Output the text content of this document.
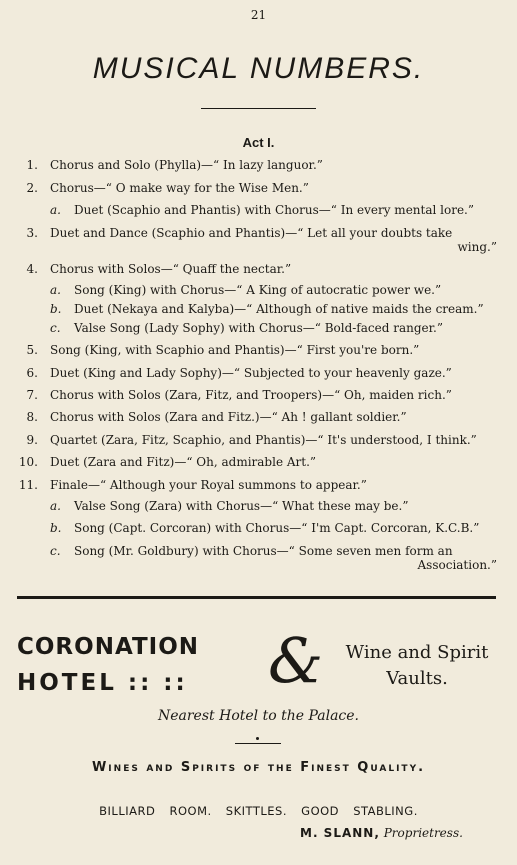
21
MUSICAL NUMBERS.
Act I.
1. Chorus and Solo (Phylla)—“ In lazy languor.”
2. Chorus—“ O make way for the Wise Men.”
a. Duet (Scaphio and Phantis) with Chorus—“ In every mental lore.”
3. Duet and Dance (Scaphio and Phantis)—“ Let all your doubts take
wing.”
4. Chorus with Solos—“ Quaff the nectar.”
a. Song (King) with Chorus—“ A King of autocratic power we.”
b. Duet (Nekaya and Kalyba)—“ Although of native maids the cream.”
c. Valse Song (Lady Sophy) with Chorus—“ Bold-faced ranger.”
5. Song (King, with Scaphio and Phantis)—“ First you're born.”
6. Duet (King and Lady Sophy)—“ Subjected to your heavenly gaze.”
7. Chorus with Solos (Zara, Fitz, and Troopers)—“ Oh, maiden rich.”
8. Chorus with Solos (Zara and Fitz.)—“ Ah ! gallant soldier.”
9. Quartet (Zara, Fitz, Scaphio, and Phantis)—“ It's understood, I think.”
10. Duet (Zara and Fitz)—“ Oh, admirable Art.”
11. Finale—“ Although your Royal summons to appear.”
a. Valse Song (Zara) with Chorus—“ What these may be.”
b. Song (Capt. Corcoran) with Chorus—“ I'm Capt. Corcoran, K.C.B.”
c. Song (Mr. Goldbury) with Chorus—“ Some seven men form an
Association.”
CORONATION
HOTEL :: :: &	Wine and Spirit
Vaults.
Nearest Hotel to the Palace.
Wines and Spirits of the Finest Quality.
BILLIARD ROOM. SKITTLES. GOOD STABLING.
M. SLANN, Proprietress.
